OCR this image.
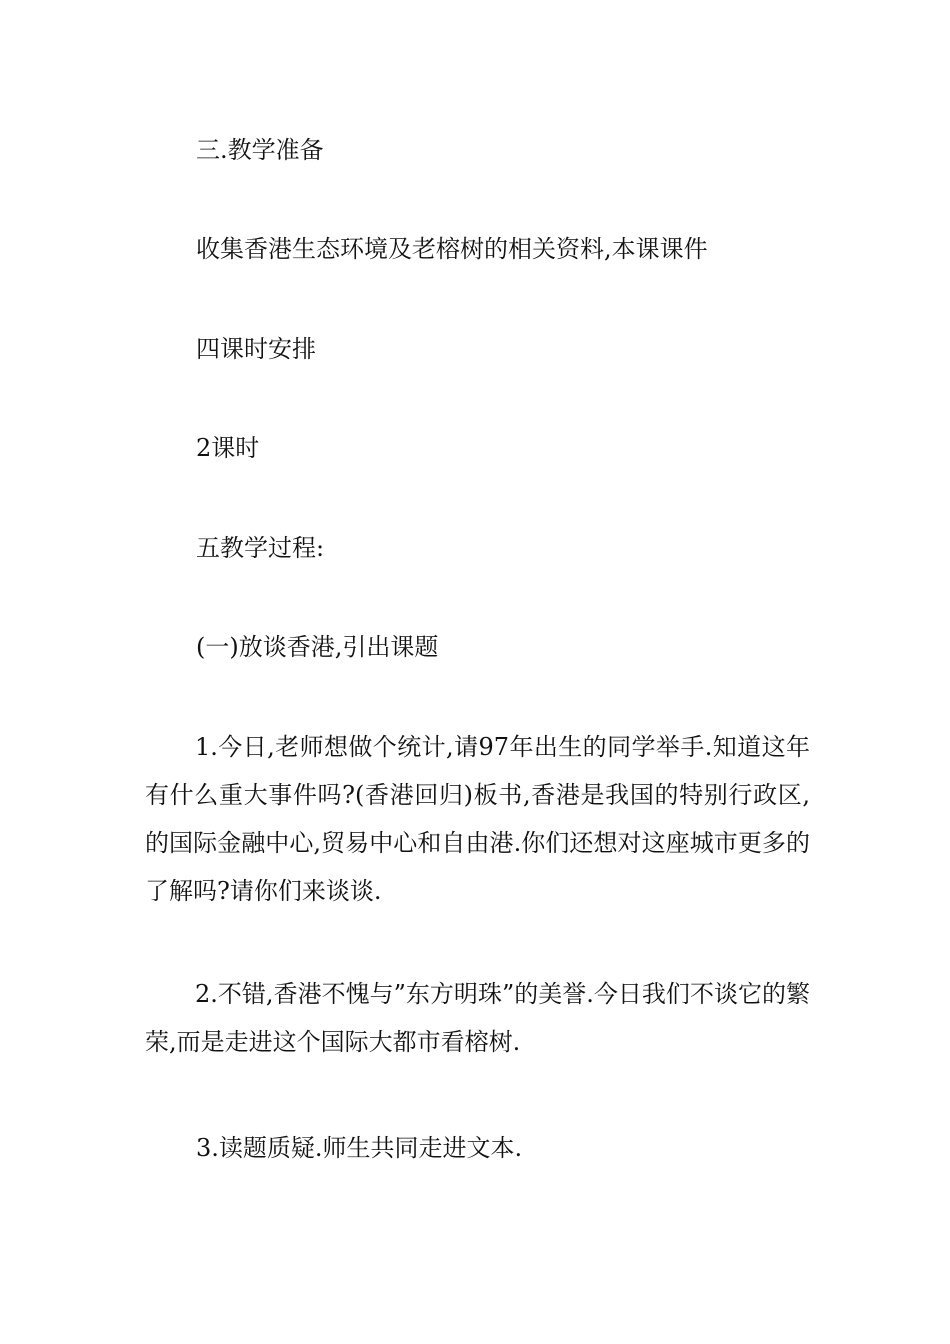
三.教学准备

收集香港生态环境及老榕树的相关资料,本课课件

四课时安排

2课时

五教学过程:

(一)放谈香港,引出课题

1.今日,老师想做个统计,请97年出生的同学举手.知道这年有什么重大事件吗?(香港回归)板书,香港是我国的特别行政区,的国际金融中心,贸易中心和自由港.你们还想对这座城市更多的了解吗?请你们来谈谈.

2.不错,香港不愧与”东方明珠”的美誉.今日我们不谈它的繁荣,而是走进这个国际大都市看榕树.

3.读题质疑.师生共同走进文本.
